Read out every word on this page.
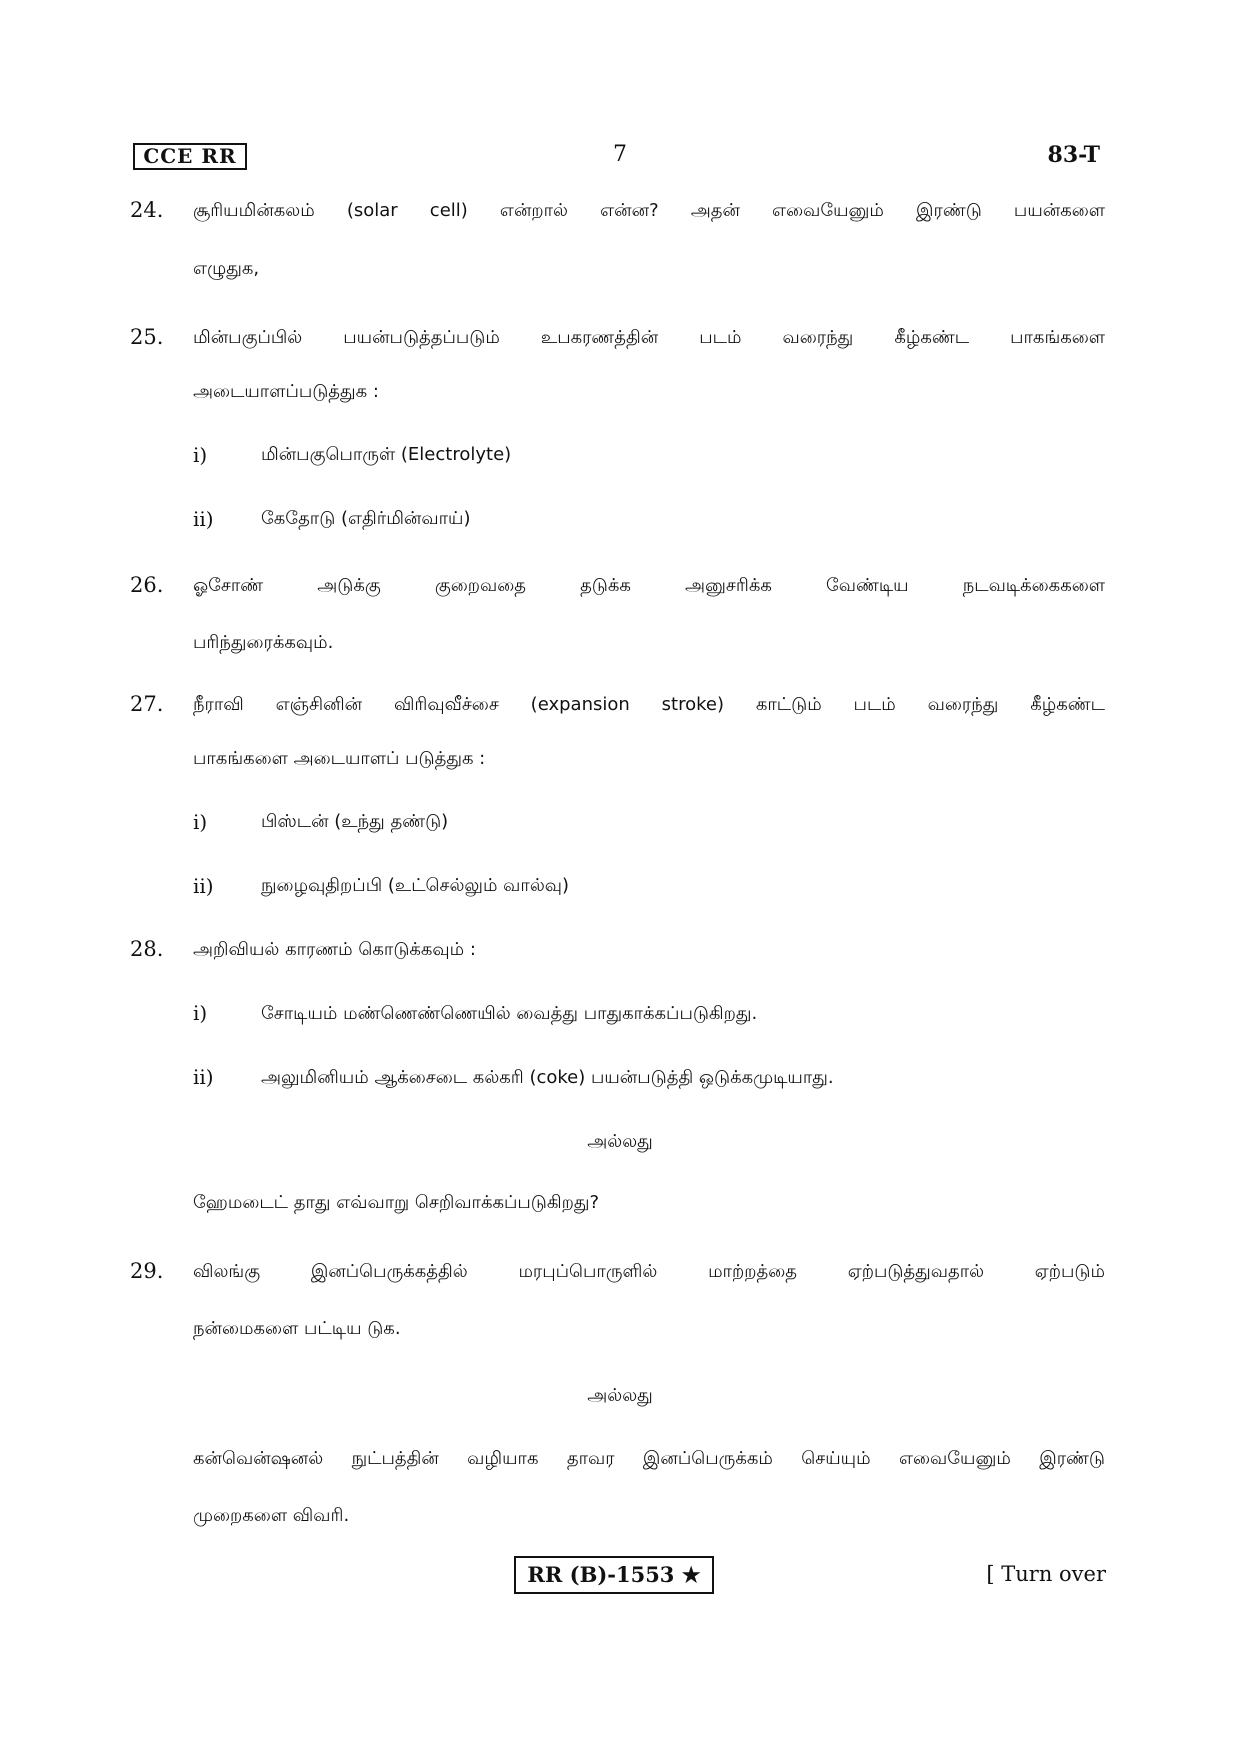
CCE RR	7	83-T
24.	சூரியமின்கலம் (solar cell) என்றால் என்ன? அதன் எவையேனும் இரண்டு பயன்களை
எழுதுக,
25.	மின்பகுப்பில் பயன்படுத்தப்படும் உபகரணத்தின் படம் வரைந்து கீழ்கண்ட பாகங்களை
அடையாளப்படுத்துக :
i)	மின்பகுபொருள் (Electrolyte)
ii)	கேதோடு (எதிர்மின்வாய்)
26.	ஓசோண் அடுக்கு குறைவதை தடுக்க அனுசரிக்க வேண்டிய நடவடிக்கைகளை
பரிந்துரைக்கவும்.
27.	நீராவி எஞ்சினின் விரிவுவீச்சை (expansion stroke) காட்டும் படம் வரைந்து கீழ்கண்ட
பாகங்களை அடையாளப் படுத்துக :
i)	பிஸ்டன் (உந்து தண்டு)
ii)	நுழைவுதிறப்பி (உட்செல்லும் வால்வு)
28.	அறிவியல் காரணம் கொடுக்கவும் :
i)	சோடியம் மண்ணெண்ணெயில் வைத்து பாதுகாக்கப்படுகிறது.
ii)	அலுமினியம் ஆக்சைடை கல்கரி (coke) பயன்படுத்தி ஒடுக்கமுடியாது.
அல்லது
ஹேமடைட் தாது எவ்வாறு செறிவாக்கப்படுகிறது?
29.	விலங்கு இனப்பெருக்கத்தில் மரபுப்பொருளில் மாற்றத்தை ஏற்படுத்துவதால் ஏற்படும்
நன்மைகளை பட்டிய டுக.
அல்லது
கன்வென்ஷனல் நுட்பத்தின் வழியாக தாவர இனப்பெருக்கம் செய்யும் எவையேனும் இரண்டு
முறைகளை விவரி.
RR (B)-1553 ★	[ Turn over
